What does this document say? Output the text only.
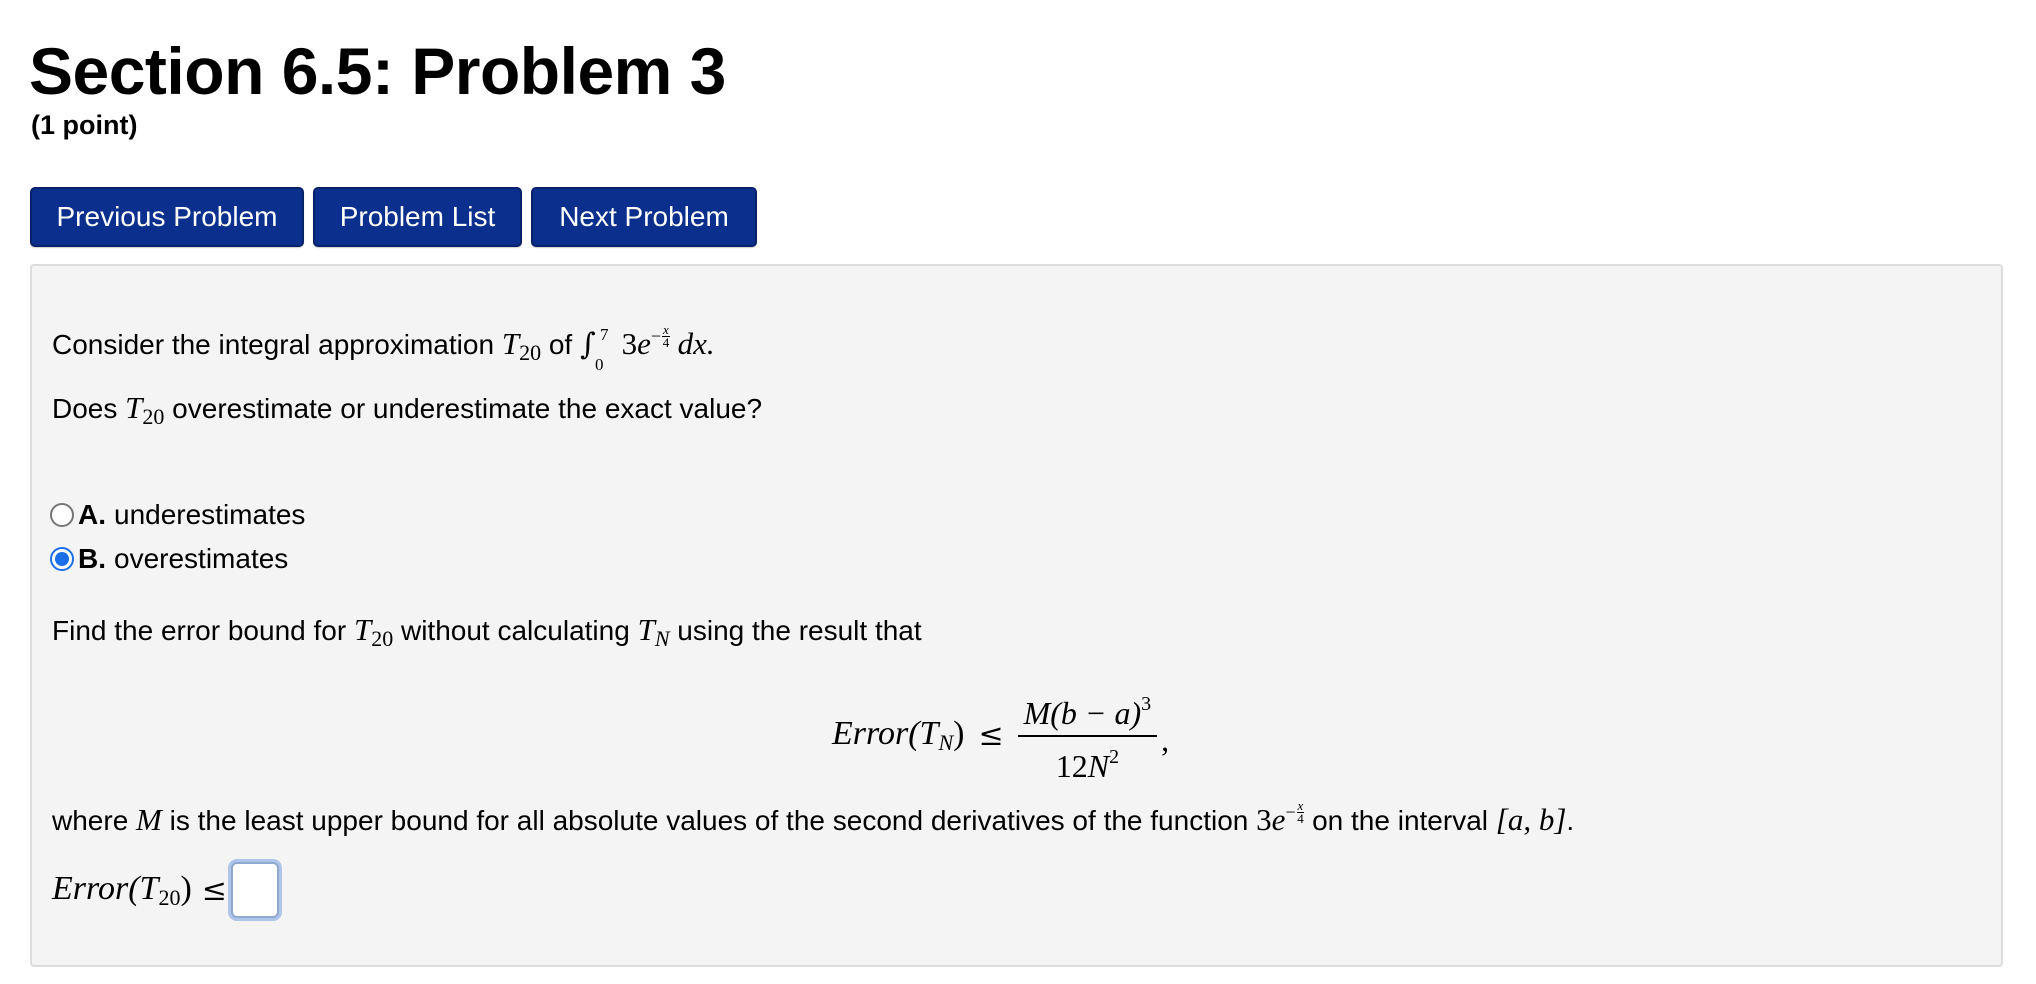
Section 6.5: Problem 3
(1 point)
Previous Problem	Problem List	Next Problem
Consider the integral approximation $T_{20}$ of ∫ 7
0
$3e- \frac{x}{4}$ dx.
Does $T_{20}$ overestimate or underestimate the exact value?
A. underestimates
B. overestimates
Find the error bound for $T_{20}$ without calculating TN using the result that
Error(TN) ≤ $\frac{M(b - a)^3}{12N^2}$ ,
where M is the least upper bound for all absolute values of the second derivatives of the function $3e- \frac{x}{4}$ on the interval [a, b].
$Error(T_{20})$ ≤
